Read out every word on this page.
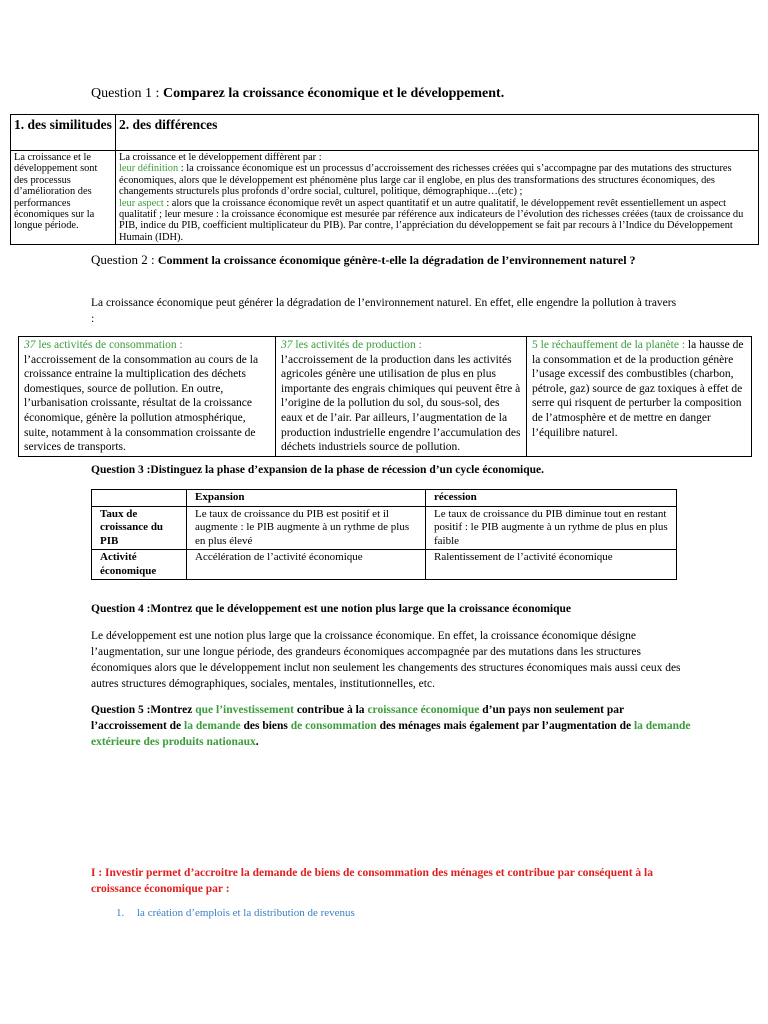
Question 1 : Comparez la croissance économique et le développement.
1. des similitudes	2. des différences
La croissance et le développement sont des processus d’amélioration des performances économiques sur la longue période.	La croissance et le développement diffèrent par :
leur définition : la croissance économique est un processus d’accroissement des richesses créées qui s’accompagne par des mutations des structures économiques, alors que le développement est phénomène plus large car il englobe, en plus des transformations des structures économiques, des changements structurels plus profonds d’ordre social, culturel, politique, démographique…(etc) ;
leur aspect : alors que la croissance économique revêt un aspect quantitatif et un autre qualitatif, le développement revêt essentiellement un aspect qualitatif ; leur mesure : la croissance économique est mesurée par référence aux indicateurs de l’évolution des richesses créées (taux de croissance du PIB, indice du PIB, coefficient multiplicateur du PIB). Par contre, l’appréciation du développement se fait par recours à l’Indice du Développement Humain (IDH).
Question 2 : Comment la croissance économique génère-t-elle la dégradation de l’environnement naturel ?
La croissance économique peut générer la dégradation de l’environnement naturel. En effet, elle engendre la pollution à travers :
37 les activités de consommation :
l’accroissement de la consommation au cours de la croissance entraine la multiplication des déchets domestiques, source de pollution. En outre, l’urbanisation croissante, résultat de la croissance économique, génère la pollution atmosphérique, suite, notamment à la consommation croissante de services de transports.	37 les activités de production :
l’accroissement de la production dans les activités agricoles génère une utilisation de plus en plus importante des engrais chimiques qui peuvent être à l’origine de la pollution du sol, du sous-sol, des eaux et de l’air. Par ailleurs, l’augmentation de la production industrielle engendre l’accumulation des déchets industriels source de pollution.	5 le réchauffement de la planète : la hausse de la consommation et de la production génère l’usage excessif des combustibles (charbon, pétrole, gaz) source de gaz toxiques à effet de serre qui risquent de perturber la composition de l’atmosphère et de mettre en danger l’équilibre naturel.
Question 3 :Distinguez la phase d’expansion de la phase de récession d’un cycle économique.
	Expansion	récession
Taux de croissance du PIB	Le taux de croissance du PIB est positif et il augmente : le PIB augmente à un rythme de plus en plus élevé	Le taux de croissance du PIB diminue tout en restant positif : le PIB augmente à un rythme de plus en plus faible
Activité économique	Accélération de l’activité économique	Ralentissement de l’activité économique
Question 4 :Montrez que le développement est une notion plus large que la croissance économique
Le développement est une notion plus large que la croissance économique. En effet, la croissance économique désigne l’augmentation, sur une longue période, des grandeurs économiques accompagnée par des mutations dans les structures économiques alors que le développement inclut non seulement les changements des structures économiques mais aussi ceux des autres structures démographiques, sociales, mentales, institutionnelles, etc.
Question 5 :Montrez que l’investissement contribue à la croissance économique d’un pays non seulement par l’accroissement de la demande des biens de consommation des ménages mais également par l’augmentation de la demande extérieure des produits nationaux.
I : Investir permet d’accroitre la demande de biens de consommation des ménages et contribue par conséquent à la croissance économique par :
1. la création d’emplois et la distribution de revenus
